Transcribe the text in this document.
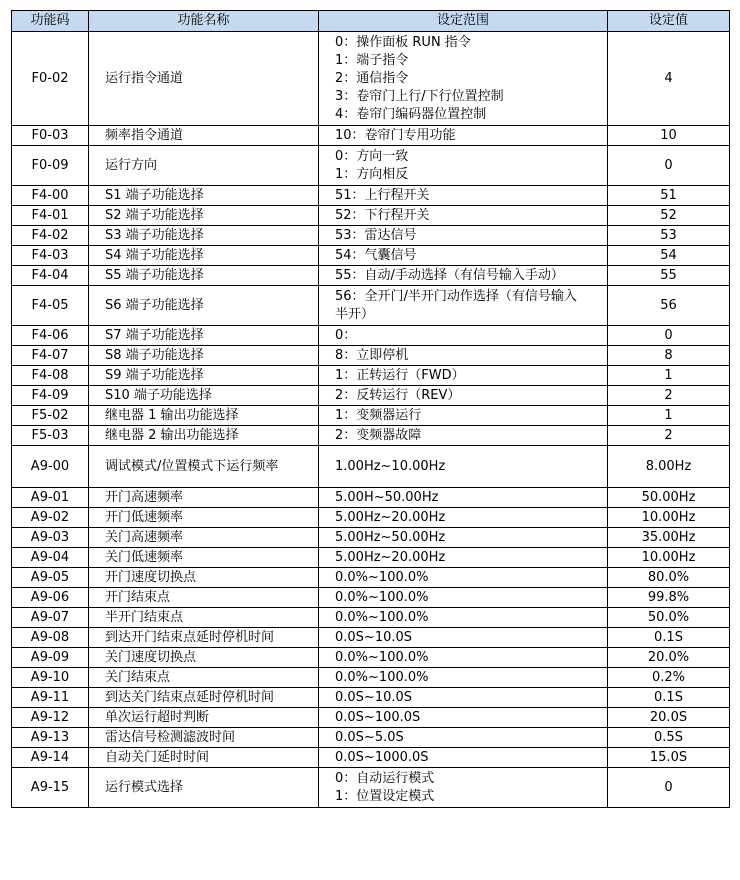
功能码	功能名称	设定范围	设定值
F0-02	运行指令通道	0：操作面板 RUN 指令
1：端子指令
2：通信指令
3：卷帘门上行/下行位置控制
4：卷帘门编码器位置控制	4
F0-03	频率指令通道	10：卷帘门专用功能	10
F0-09	运行方向	0：方向一致
1：方向相反	0
F4-00	S1 端子功能选择	51：上行程开关	51
F4-01	S2 端子功能选择	52：下行程开关	52
F4-02	S3 端子功能选择	53：雷达信号	53
F4-03	S4 端子功能选择	54：气囊信号	54
F4-04	S5 端子功能选择	55：自动/手动选择（有信号输入手动）	55
F4-05	S6 端子功能选择	56：全开门/半开门动作选择（有信号输入
半开）	56
F4-06	S7 端子功能选择	0：	0
F4-07	S8 端子功能选择	8：立即停机	8
F4-08	S9 端子功能选择	1：正转运行（FWD）	1
F4-09	S10 端子功能选择	2：反转运行（REV）	2
F5-02	继电器 1 输出功能选择	1：变频器运行	1
F5-03	继电器 2 输出功能选择	2：变频器故障	2
A9-00	调试模式/位置模式下运行频率	1.00Hz~10.00Hz	8.00Hz
A9-01	开门高速频率	5.00H~50.00Hz	50.00Hz
A9-02	开门低速频率	5.00Hz~20.00Hz	10.00Hz
A9-03	关门高速频率	5.00Hz~50.00Hz	35.00Hz
A9-04	关门低速频率	5.00Hz~20.00Hz	10.00Hz
A9-05	开门速度切换点	0.0%~100.0%	80.0%
A9-06	开门结束点	0.0%~100.0%	99.8%
A9-07	半开门结束点	0.0%~100.0%	50.0%
A9-08	到达开门结束点延时停机时间	0.0S~10.0S	0.1S
A9-09	关门速度切换点	0.0%~100.0%	20.0%
A9-10	关门结束点	0.0%~100.0%	0.2%
A9-11	到达关门结束点延时停机时间	0.0S~10.0S	0.1S
A9-12	单次运行超时判断	0.0S~100.0S	20.0S
A9-13	雷达信号检测滤波时间	0.0S~5.0S	0.5S
A9-14	自动关门延时时间	0.0S~1000.0S	15.0S
A9-15	运行模式选择	0：自动运行模式
1：位置设定模式	0
